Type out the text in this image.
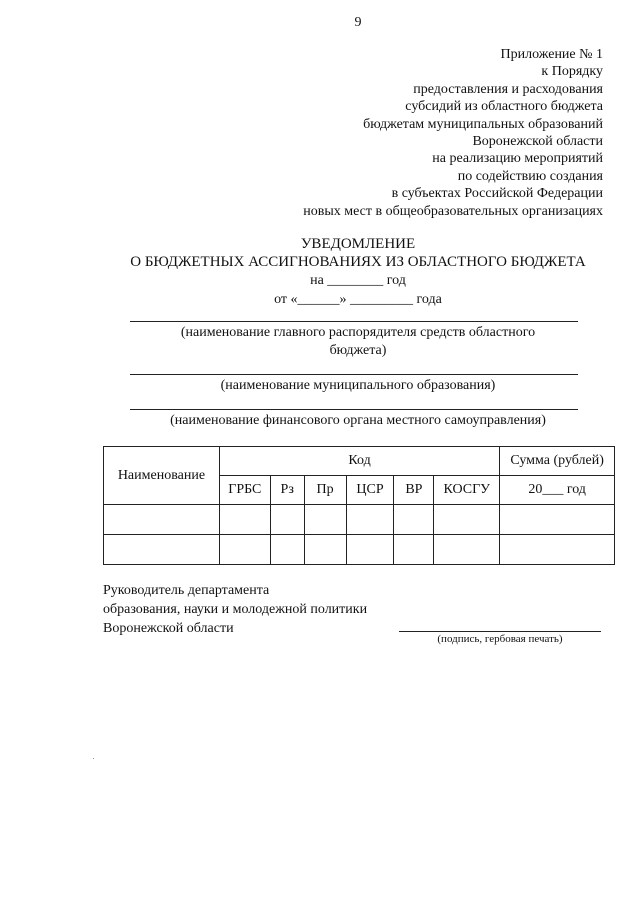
9
Приложение № 1
к Порядку
предоставления и расходования
субсидий из областного бюджета
бюджетам муниципальных образований
Воронежской области
на реализацию мероприятий
по содействию создания
в субъектах Российской Федерации
новых мест в общеобразовательных организациях
УВЕДОМЛЕНИЕ
О БЮДЖЕТНЫХ АССИГНОВАНИЯХ ИЗ ОБЛАСТНОГО БЮДЖЕТА
на ________ год
от «______» _________ года
(наименование главного распорядителя средств областного
бюджета)
(наименование муниципального образования)
(наименование финансового органа местного самоуправления)
Наименование	Код						Сумма (рублей)
	ГРБС	Рз	Пр	ЦСР	ВР	КОСГУ	20___ год

Руководитель департамента
образования, науки и молодежной политики
Воронежской области
(подпись, гербовая печать)
